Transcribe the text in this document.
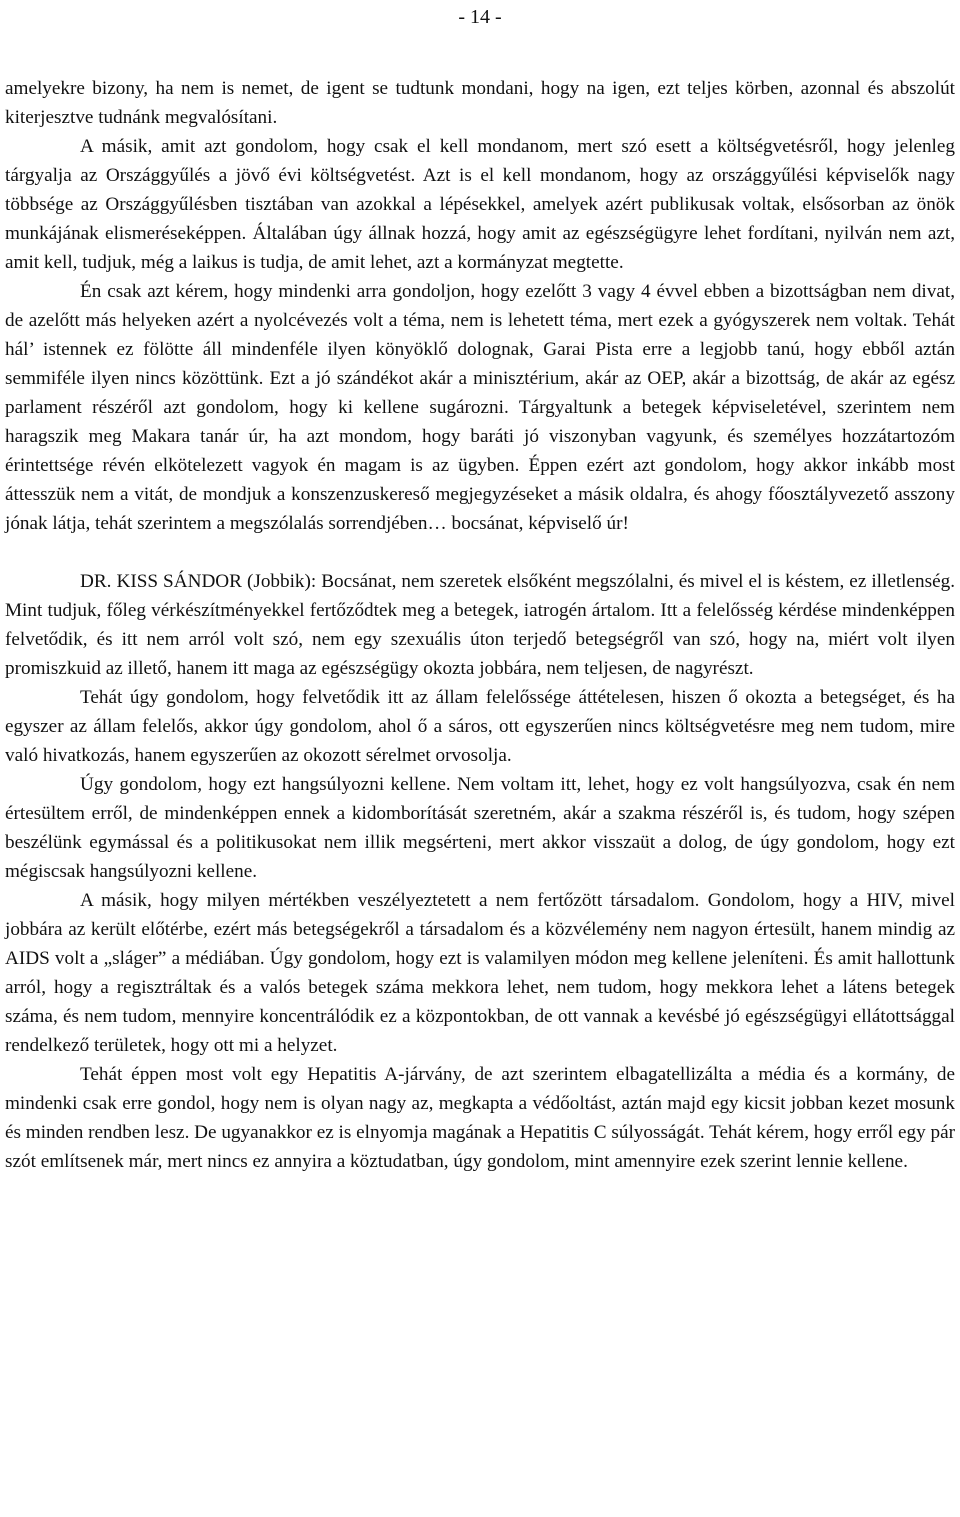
- 14 -

amelyekre bizony, ha nem is nemet, de igent se tudtunk mondani, hogy na igen, ezt teljes körben, azonnal és abszolút kiterjesztve tudnánk megvalósítani.

A másik, amit azt gondolom, hogy csak el kell mondanom, mert szó esett a költségvetésről, hogy jelenleg tárgyalja az Országgyűlés a jövő évi költségvetést. Azt is el kell mondanom, hogy az országgyűlési képviselők nagy többsége az Országgyűlésben tisztában van azokkal a lépésekkel, amelyek azért publikusak voltak, elsősorban az önök munkájának elismeréseképpen. Általában úgy állnak hozzá, hogy amit az egészségügyre lehet fordítani, nyilván nem azt, amit kell, tudjuk, még a laikus is tudja, de amit lehet, azt a kormányzat megtette.

Én csak azt kérem, hogy mindenki arra gondoljon, hogy ezelőtt 3 vagy 4 évvel ebben a bizottságban nem divat, de azelőtt más helyeken azért a nyolcévezés volt a téma, nem is lehetett téma, mert ezek a gyógyszerek nem voltak. Tehát hál’ istennek ez fölötte áll mindenféle ilyen könyöklő dolognak, Garai Pista erre a legjobb tanú, hogy ebből aztán semmiféle ilyen nincs közöttünk. Ezt a jó szándékot akár a minisztérium, akár az OEP, akár a bizottság, de akár az egész parlament részéről azt gondolom, hogy ki kellene sugározni. Tárgyaltunk a betegek képviseletével, szerintem nem haragszik meg Makara tanár úr, ha azt mondom, hogy baráti jó viszonyban vagyunk, és személyes hozzátartozóm érintettsége révén elkötelezett vagyok én magam is az ügyben. Éppen ezért azt gondolom, hogy akkor inkább most áttesszük nem a vitát, de mondjuk a konszenzuskereső megjegyzéseket a másik oldalra, és ahogy főosztályvezető asszony jónak látja, tehát szerintem a megszólalás sorrendjében… bocsánat, képviselő úr!

DR. KISS SÁNDOR (Jobbik): Bocsánat, nem szeretek elsőként megszólalni, és mivel el is késtem, ez illetlenség. Mint tudjuk, főleg vérkészítményekkel fertőződtek meg a betegek, iatrogén ártalom. Itt a felelősség kérdése mindenképpen felvetődik, és itt nem arról volt szó, nem egy szexuális úton terjedő betegségről van szó, hogy na, miért volt ilyen promiszkuid az illető, hanem itt maga az egészségügy okozta jobbára, nem teljesen, de nagyrészt.

Tehát úgy gondolom, hogy felvetődik itt az állam felelőssége áttételesen, hiszen ő okozta a betegséget, és ha egyszer az állam felelős, akkor úgy gondolom, ahol ő a sáros, ott egyszerűen nincs költségvetésre meg nem tudom, mire való hivatkozás, hanem egyszerűen az okozott sérelmet orvosolja.

Úgy gondolom, hogy ezt hangsúlyozni kellene. Nem voltam itt, lehet, hogy ez volt hangsúlyozva, csak én nem értesültem erről, de mindenképpen ennek a kidomborítását szeretném, akár a szakma részéről is, és tudom, hogy szépen beszélünk egymással és a politikusokat nem illik megsérteni, mert akkor visszaüt a dolog, de úgy gondolom, hogy ezt mégiscsak hangsúlyozni kellene.

A másik, hogy milyen mértékben veszélyeztetett a nem fertőzött társadalom. Gondolom, hogy a HIV, mivel jobbára az került előtérbe, ezért más betegségekről a társadalom és a közvélemény nem nagyon értesült, hanem mindig az AIDS volt a „sláger” a médiában. Úgy gondolom, hogy ezt is valamilyen módon meg kellene jeleníteni. És amit hallottunk arról, hogy a regisztráltak és a valós betegek száma mekkora lehet, nem tudom, hogy mekkora lehet a látens betegek száma, és nem tudom, mennyire koncentrálódik ez a központokban, de ott vannak a kevésbé jó egészségügyi ellátottsággal rendelkező területek, hogy ott mi a helyzet.

Tehát éppen most volt egy Hepatitis A-járvány, de azt szerintem elbagatellizálta a média és a kormány, de mindenki csak erre gondol, hogy nem is olyan nagy az, megkapta a védőoltást, aztán majd egy kicsit jobban kezet mosunk és minden rendben lesz. De ugyanakkor ez is elnyomja magának a Hepatitis C súlyosságát. Tehát kérem, hogy erről egy pár szót említsenek már, mert nincs ez annyira a köztudatban, úgy gondolom, mint amennyire ezek szerint lennie kellene.
